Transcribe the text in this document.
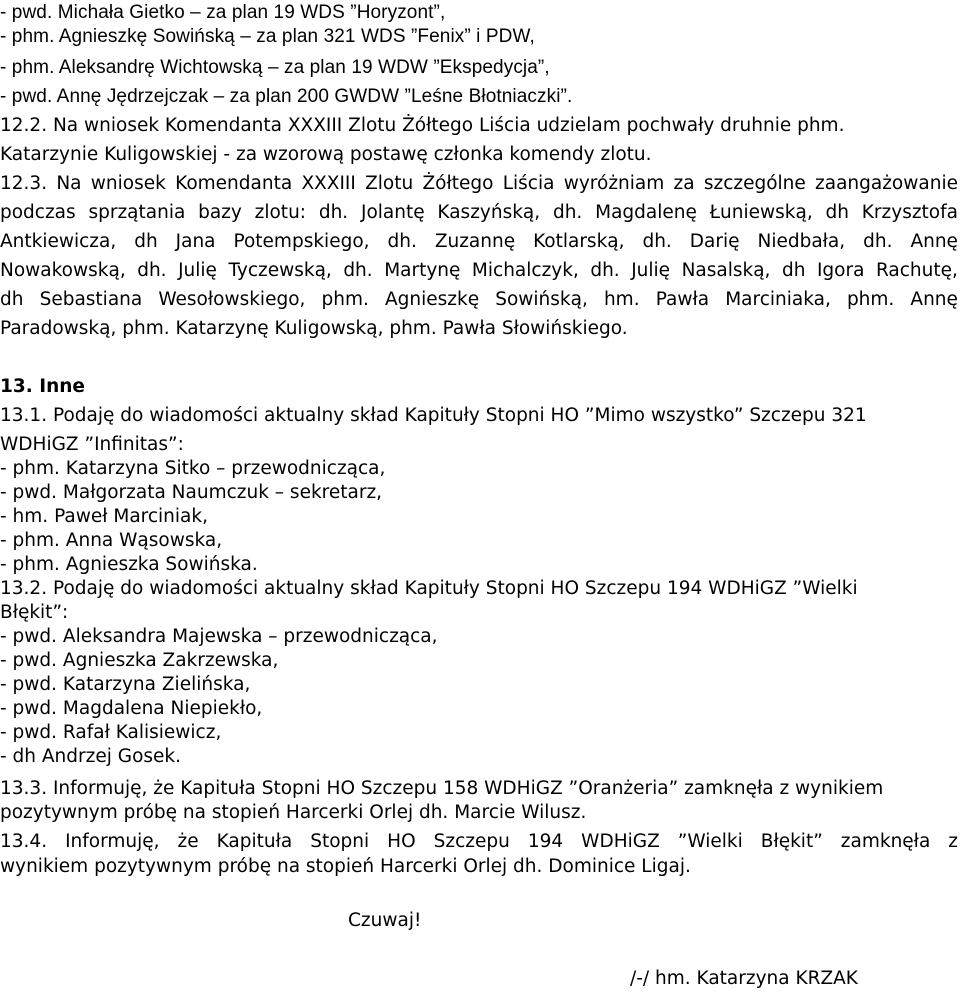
- pwd. Michała Gietko – za plan 19 WDS ”Horyzont”,
- phm. Agnieszkę Sowińską – za plan 321 WDS ”Fenix” i PDW,
- phm. Aleksandrę Wichtowską – za plan 19 WDW ”Ekspedycja”,
- pwd. Annę Jędrzejczak – za plan 200 GWDW ”Leśne Błotniaczki”.
12.2. Na wniosek Komendanta XXXIII Zlotu Żółtego Liścia udzielam pochwały druhnie phm.
Katarzynie Kuligowskiej - za wzorową postawę członka komendy zlotu.
12.3. Na wniosek Komendanta XXXIII Zlotu Żółtego Liścia wyróżniam za szczególne zaangażowanie
podczas sprzątania bazy zlotu: dh. Jolantę Kaszyńską, dh. Magdalenę Łuniewską, dh Krzysztofa
Antkiewicza, dh Jana Potempskiego, dh. Zuzannę Kotlarską, dh. Darię Niedbała, dh. Annę
Nowakowską, dh. Julię Tyczewską, dh. Martynę Michalczyk, dh. Julię Nasalską, dh Igora Rachutę,
dh Sebastiana Wesołowskiego, phm. Agnieszkę Sowińską, hm. Pawła Marciniaka, phm. Annę
Paradowską, phm. Katarzynę Kuligowską, phm. Pawła Słowińskiego.
13. Inne
13.1. Podaję do wiadomości aktualny skład Kapituły Stopni HO ”Mimo wszystko” Szczepu 321
WDHiGZ ”Infinitas”:
- phm. Katarzyna Sitko – przewodnicząca,
- pwd. Małgorzata Naumczuk – sekretarz,
- hm. Paweł Marciniak,
- phm. Anna Wąsowska,
- phm. Agnieszka Sowińska.
13.2. Podaję do wiadomości aktualny skład Kapituły Stopni HO Szczepu 194 WDHiGZ ”Wielki
Błękit”:
- pwd. Aleksandra Majewska – przewodnicząca,
- pwd. Agnieszka Zakrzewska,
- pwd. Katarzyna Zielińska,
- pwd. Magdalena Niepiekło,
- pwd. Rafał Kalisiewicz,
- dh Andrzej Gosek.
13.3. Informuję, że Kapituła Stopni HO Szczepu 158 WDHiGZ ”Oranżeria” zamknęła z wynikiem
pozytywnym próbę na stopień Harcerki Orlej dh. Marcie Wilusz.
13.4. Informuję, że Kapituła Stopni HO Szczepu 194 WDHiGZ ”Wielki Błękit” zamknęła z
wynikiem pozytywnym próbę na stopień Harcerki Orlej dh. Dominice Ligaj.
Czuwaj!
/-/ hm. Katarzyna KRZAK
